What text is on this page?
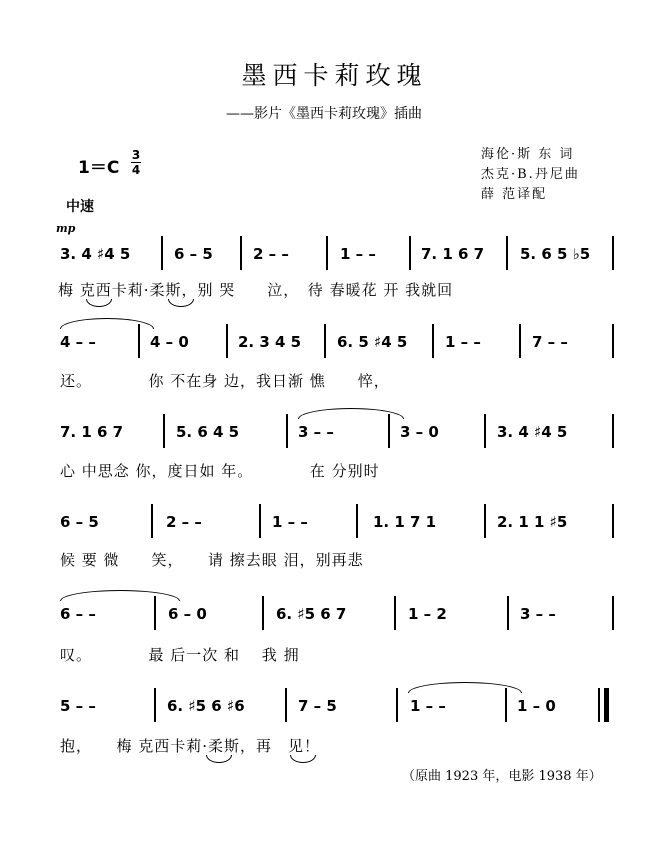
墨西卡莉玫瑰
——影片《墨西卡莉玫瑰》插曲
海伦·斯 东 词
杰克·B.丹尼曲
薛 范译配
1＝C
3
4
中速
mp
3. 4 ♯4 5	6 – 5	2 – –	1 – –	7. 1 6 7 5. 6 5 ♭5
梅 克西卡莉·柔斯，别 哭　　泣，　待 春暖花 开 我就回
4 – –	4 – 0	2. 3 4 5 6. 5 ♯4 5	1 – –	7 – –
还。　　　　你 不在身 边，我日渐 憔　　悴，
7. 1 6 7	5. 6 4 5	3 – –	3 – 0	3. 4 ♯4 5
心 中思念 你，度日如 年。　　　　在 分别时
6 – 5	2 – –	1 – –	1. 1 7 1	2. 1 1 ♯5
候 要 微　　笑，　　请 擦去眼 泪，别再悲
6 – –	6 – 0	6. ♯5 6 7	1 – 2	3 – –
叹。　　　　最 后一次 和　 我 拥
5 – –	6. ♯5 6 ♯6	7 – 5	1 – –	1 – 0
抱，　　梅 克西卡莉·柔斯，再　见！
（原曲 1923 年，电影 1938 年）
